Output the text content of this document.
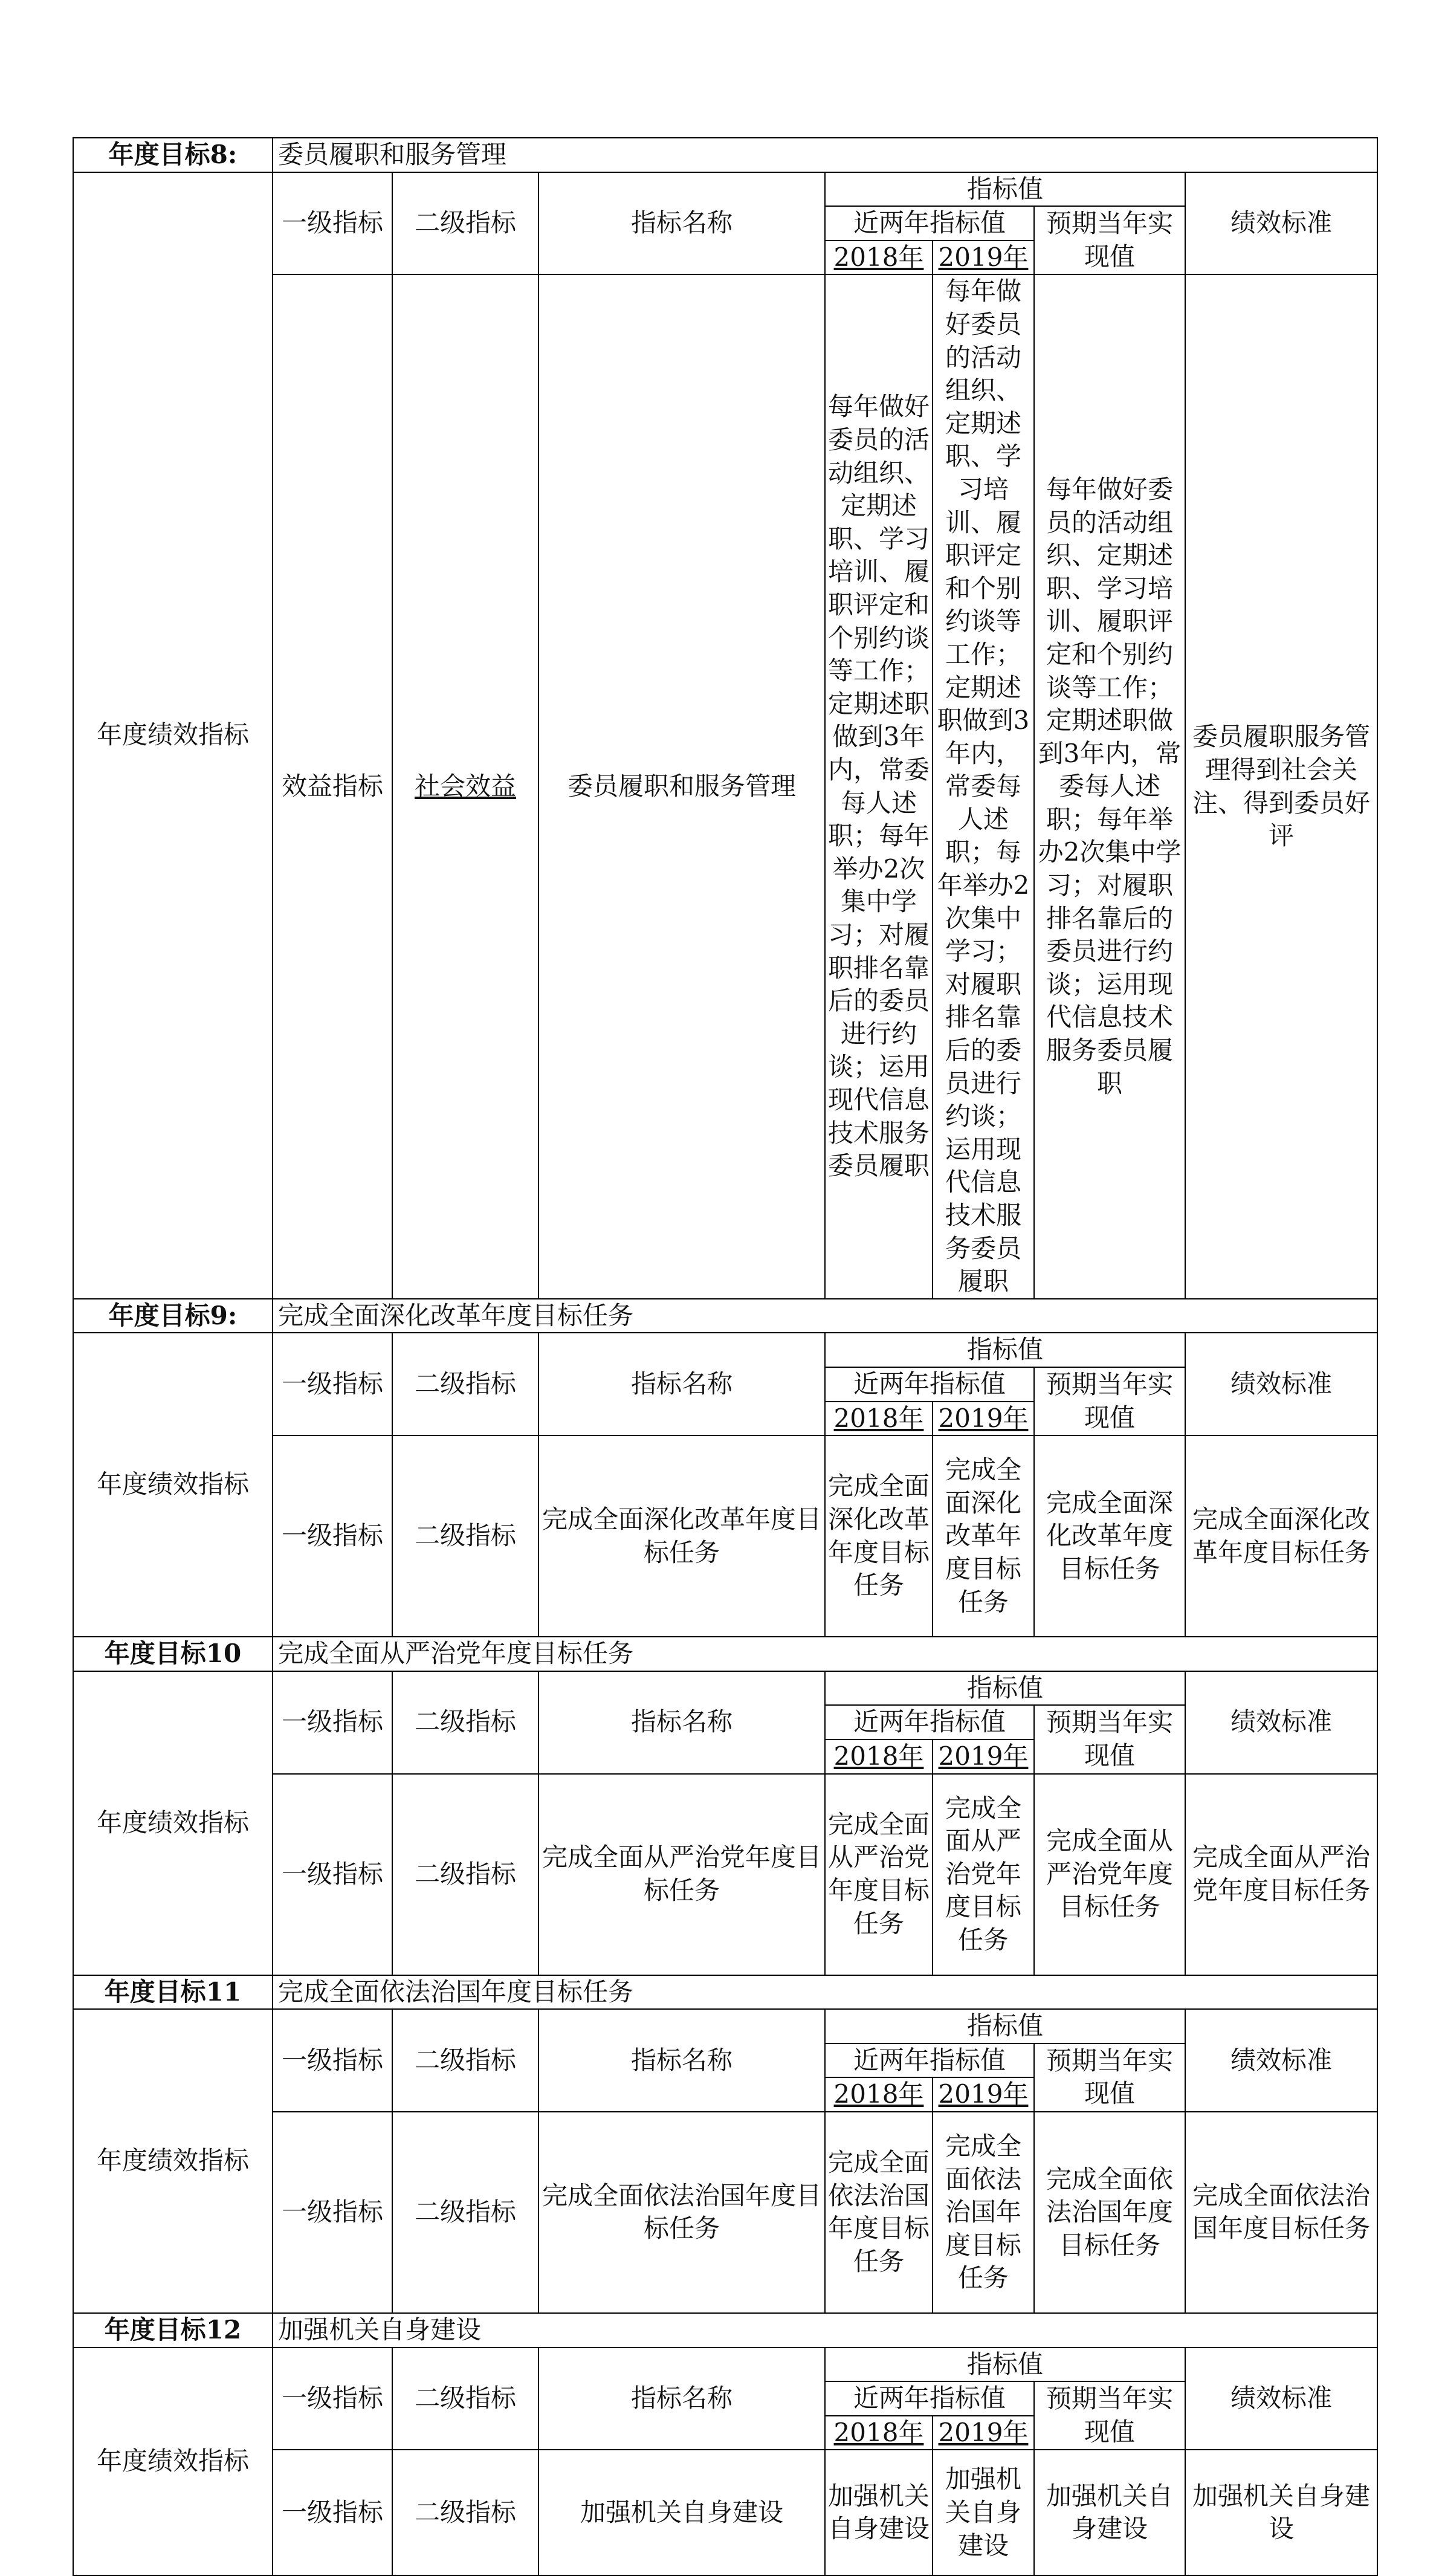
年度目标8:	委员履职和服务管理						
年度绩效指标	一级指标	二级指标	指标名称	指标值			绩效标准
				近两年指标值		预期当年实现值	
				2018年	2019年		
	效益指标	社会效益	委员履职和服务管理	每年做好委员的活动组织、定期述职、学习培训、履职评定和个别约谈等工作；定期述职做到3年内，常委每人述职；每年举办2次集中学习；对履职排名靠后的委员进行约谈；运用现代信息技术服务委员履职	每年做好委员的活动组织、定期述职、学习培训、履职评定和个别约谈等工作；定期述职做到3年内，常委每人述职；每年举办2次集中学习；对履职排名靠后的委员进行约谈；运用现代信息技术服务委员履职	每年做好委员的活动组织、定期述职、学习培训、履职评定和个别约谈等工作；定期述职做到3年内，常委每人述职；每年举办2次集中学习；对履职排名靠后的委员进行约谈；运用现代信息技术服务委员履职	委员履职服务管理得到社会关注、得到委员好评
年度目标9:	完成全面深化改革年度目标任务						
年度绩效指标	一级指标	二级指标	指标名称	指标值			绩效标准
				近两年指标值		预期当年实现值	
				2018年	2019年		
	一级指标	二级指标	完成全面深化改革年度目标任务	完成全面深化改革年度目标任务	完成全面深化改革年度目标任务	完成全面深化改革年度目标任务	完成全面深化改革年度目标任务
年度目标10	完成全面从严治党年度目标任务						
年度绩效指标	一级指标	二级指标	指标名称	指标值			绩效标准
				近两年指标值		预期当年实现值	
				2018年	2019年		
	一级指标	二级指标	完成全面从严治党年度目标任务	完成全面从严治党年度目标任务	完成全面从严治党年度目标任务	完成全面从严治党年度目标任务	完成全面从严治党年度目标任务
年度目标11	完成全面依法治国年度目标任务						
年度绩效指标	一级指标	二级指标	指标名称	指标值			绩效标准
				近两年指标值		预期当年实现值	
				2018年	2019年		
	一级指标	二级指标	完成全面依法治国年度目标任务	完成全面依法治国年度目标任务	完成全面依法治国年度目标任务	完成全面依法治国年度目标任务	完成全面依法治国年度目标任务
年度目标12	加强机关自身建设						
年度绩效指标	一级指标	二级指标	指标名称	指标值			绩效标准
				近两年指标值		预期当年实现值	
				2018年	2019年		
	一级指标	二级指标	加强机关自身建设	加强机关自身建设	加强机关自身建设	加强机关自身建设	加强机关自身建设
